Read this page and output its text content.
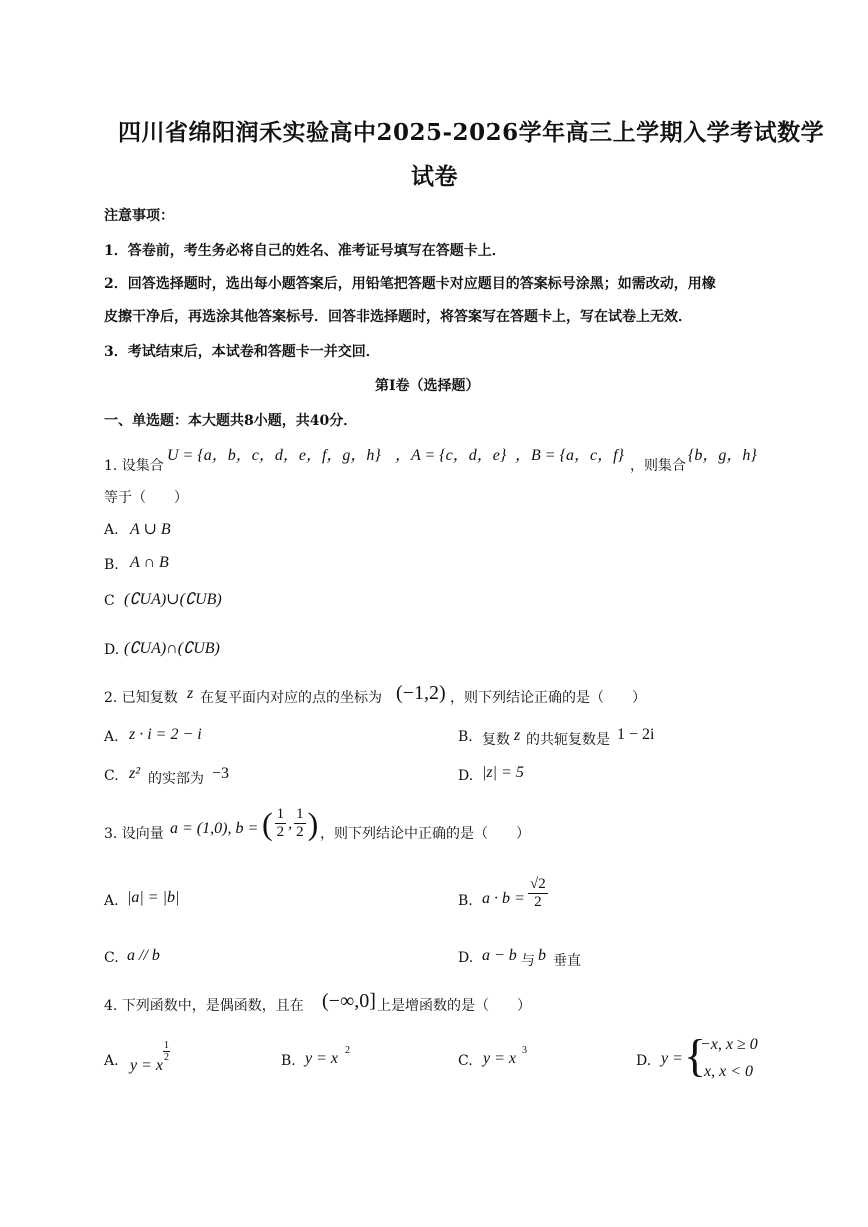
四川省绵阳润禾实验高中2025-2026学年高三上学期入学考试数学
试卷
注意事项：
1．答卷前，考生务必将自己的姓名、准考证号填写在答题卡上．
2．回答选择题时，选出每小题答案后，用铅笔把答题卡对应题目的答案标号涂黑；如需改动，用橡
皮擦干净后，再选涂其他答案标号．回答非选择题时，将答案写在答题卡上，写在试卷上无效．
3．考试结束后，本试卷和答题卡一并交回．
第Ⅰ卷（选择题）
一、单选题：本大题共8小题，共40分．
1. 设集合
U = {a，b，c，d，e，f，g，h} ，A = {c，d，e} ，B = {a，c，f}
，则集合
{b，g，h}
等于（　　）
A. A ∪ B
B. A ∩ B
C (∁UA)∪(∁UB)
D. (∁UA)∩(∁UB)
2. 已知复数 z 在复平面内对应的点的坐标为 (−1,2) ，则下列结论正确的是（　　）
A. z · i = 2 − i	B. 复数 z 的共轭复数是 1 − 2i
C. z² 的实部为 −3	D. |z| = 5
3. 设向量 a = (1,0), b = ( $\frac{1}{2}$ , $\frac{1}{2}$ ) ，则下列结论中正确的是（　　）
A. |a| = |b|	B. $a \cdot b = \frac{√2}{2}$
C. a // b	D. a − b 与 b 垂直
4. 下列函数中，是偶函数，且在 (−∞,0] 上是增函数的是（　　）
A. y = x
$\frac{1}{2}$	B. y = x 2
C. y = x 3
D. y = {
−x, x ≥ 0
x, x < 0
